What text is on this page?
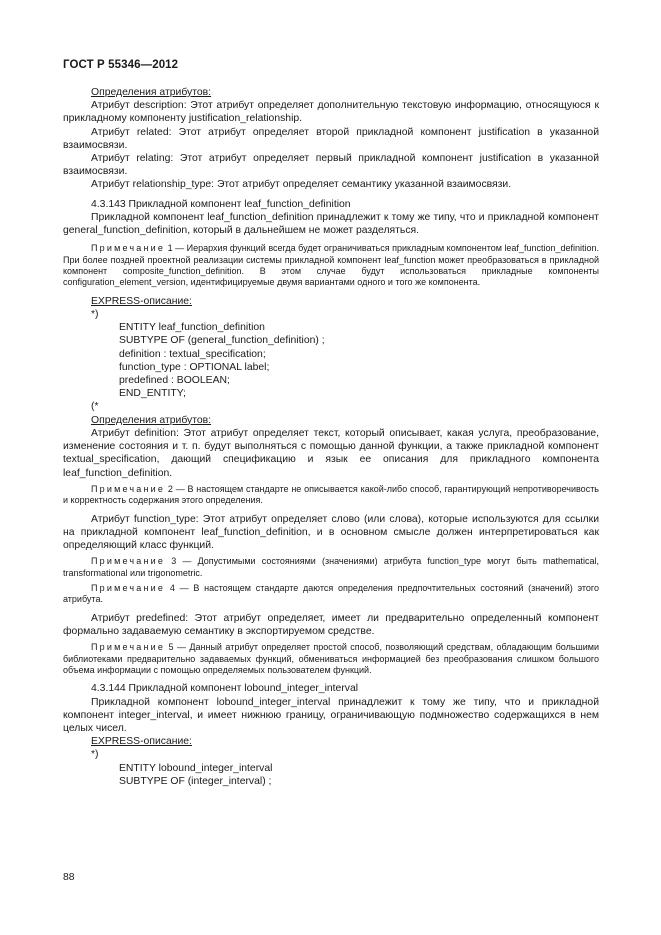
ГОСТ Р 55346—2012

Определения атрибутов:

Атрибут description: Этот атрибут определяет дополнительную текстовую информацию, относящуюся к прикладному компоненту justification_relationship.

Атрибут related: Этот атрибут определяет второй прикладной компонент justification в указанной взаимосвязи.

Атрибут relating: Этот атрибут определяет первый прикладной компонент justification в указанной взаимосвязи.

Атрибут relationship_type: Этот атрибут определяет семантику указанной взаимосвязи.

4.3.143 Прикладной компонент leaf_function_definition

Прикладной компонент leaf_function_definition принадлежит к тому же типу, что и прикладной компонент general_function_definition, который в дальнейшем не может разделяться.

Примечание 1 — Иерархия функций всегда будет ограничиваться прикладным компонентом leaf_function_definition. При более поздней проектной реализации системы прикладной компонент leaf_function может преобразоваться в прикладной компонент composite_function_definition. В этом случае будут использоваться прикладные компоненты configuration_element_version, идентифицируемые двумя вариантами одного и того же компонента.

EXPRESS-описание:

*)

ENTITY leaf_function_definition

SUBTYPE OF (general_function_definition) ;

definition : textual_specification;

function_type : OPTIONAL label;

predefined : BOOLEAN;

END_ENTITY;

(*

Определения атрибутов:

Атрибут definition: Этот атрибут определяет текст, который описывает, какая услуга, преобразование, изменение состояния и т. п. будут выполняться с помощью данной функции, а также прикладной компонент textual_specification, дающий спецификацию и язык ее описания для прикладного компонента leaf_function_definition.

Примечание 2 — В настоящем стандарте не описывается какой-либо способ, гарантирующий непротиворечивость и корректность содержания этого определения.

Атрибут function_type: Этот атрибут определяет слово (или слова), которые используются для ссылки на прикладной компонент leaf_function_definition, и в основном смысле должен интерпретироваться как определяющий класс функций.

Примечание 3 — Допустимыми состояниями (значениями) атрибута function_type могут быть mathematical, transformational или trigonometric.

Примечание 4 — В настоящем стандарте даются определения предпочтительных состояний (значений) этого атрибута.

Атрибут predefined: Этот атрибут определяет, имеет ли предварительно определенный компонент формально задаваемую семантику в экспортируемом средстве.

Примечание 5 — Данный атрибут определяет простой способ, позволяющий средствам, обладающим большими библиотеками предварительно задаваемых функций, обмениваться информацией без преобразования слишком большого объема информации с помощью определяемых пользователем функций.

4.3.144 Прикладной компонент lobound_integer_interval

Прикладной компонент lobound_integer_interval принадлежит к тому же типу, что и прикладной компонент integer_interval, и имеет нижнюю границу, ограничивающую подмножество содержащихся в нем целых чисел.

EXPRESS-описание:

*)

ENTITY lobound_integer_interval

SUBTYPE OF (integer_interval) ;

88
